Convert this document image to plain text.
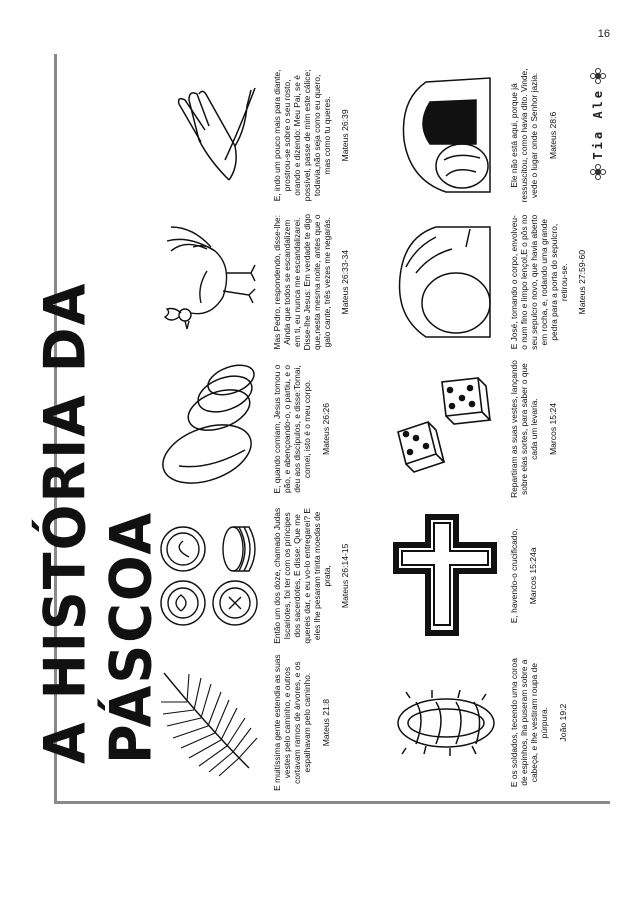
16
A HISTÓRIA DA PÁSCOA	E muitíssima gente estendia as suas vestes pelo caminho, e outros cortavam ramos de árvores, e os espalhavam pelo caminho. Mateus 21:8
Então um dos doze, chamado Judas Iscariotes, foi ter com os príncipes dos sacerdotes, E disse: Que me quereis dar, e eu vo-lo entregarei? E eles lhe pesaram trinta moedas de prata, Mateus 26:14-15
E, quando comiam, Jesus tomou o pão, e abençoando-o, o partiu, e o deu aos discípulos, e disse:Tomai, comei, isto é o meu corpo. Mateus 26:26
Mas Pedro, respondendo, disse-lhe: Ainda que todos se escandalizem em ti, eu nunca me escandalizarei. Disse-lhe Jesus: Em verdade te digo que,nesta mesma noite, antes que o galo cante, três vezes me negarás. Mateus 26:33-34
E, indo um pouco mais para diante, prostrou-se sobre o seu rosto, orando e dizendo: Meu Pai, se é possível, passe de mim este cálice; todavia,não seja como eu quero, mas como tu queres. Mateus 26:39
E os soldados, tecendo uma coroa de espinhos, lha puseram sobre a cabeça, e lhe vestiram roupa de púrpura. João 19:2
E, havendo-o crucificado, Marcos 15:24a
Repartiram as suas vestes, lançando sobre elas sortes, para saber o que cada um levaria. Marcos 15:24
E José, tomando o corpo, envolveu-o num fino e limpo lençol,E o pôs no seu sepulcro novo, que havia aberto em rocha, e, rodando uma grande pedra para a porta do sepulcro, retirou-se. Mateus 27:59-60
Ele não está aqui, porque já ressuscitou, como havia dito. Vinde, vede o lugar onde o Senhor jazia. Mateus 28:6	Tia Ale
